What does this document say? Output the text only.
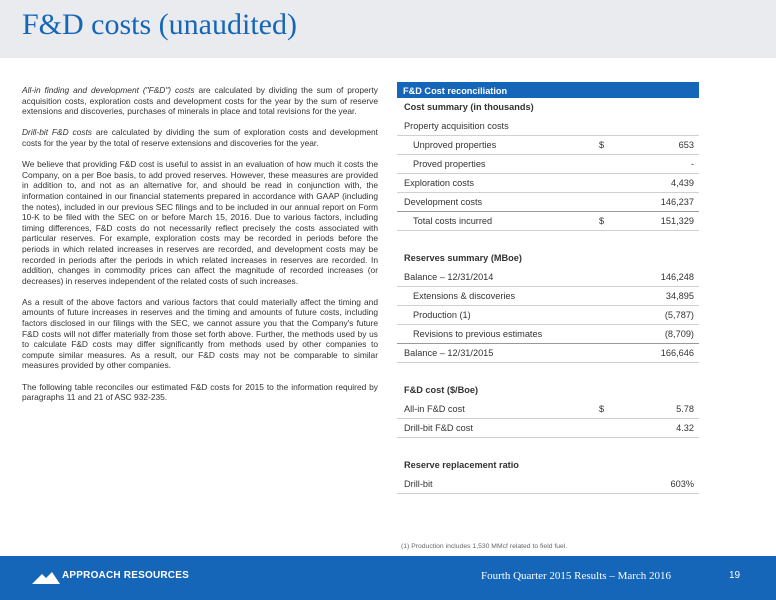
F&D costs (unaudited)

All-in finding and development ("F&D") costs are calculated by dividing the sum of property acquisition costs, exploration costs and development costs for the year by the sum of reserve extensions and discoveries, purchases of minerals in place and total revisions for the year.

Drill-bit F&D costs are calculated by dividing the sum of exploration costs and development costs for the year by the total of reserve extensions and discoveries for the year.

We believe that providing F&D cost is useful to assist in an evaluation of how much it costs the Company, on a per Boe basis, to add proved reserves. However, these measures are provided in addition to, and not as an alternative for, and should be read in conjunction with, the information contained in our financial statements prepared in accordance with GAAP (including the notes), included in our previous SEC filings and to be included in our annual report on Form 10-K to be filed with the SEC on or before March 15, 2016. Due to various factors, including timing differences, F&D costs do not necessarily reflect precisely the costs associated with particular reserves. For example, exploration costs may be recorded in periods before the periods in which related increases in reserves are recorded, and development costs may be recorded in periods after the periods in which related increases in reserves are recorded. In addition, changes in commodity prices can affect the magnitude of recorded increases (or decreases) in reserves independent of the related costs of such increases.

As a result of the above factors and various factors that could materially affect the timing and amounts of future increases in reserves and the timing and amounts of future costs, including factors disclosed in our filings with the SEC, we cannot assure you that the Company's future F&D costs will not differ materially from those set forth above. Further, the methods used by us to calculate F&D costs may differ significantly from methods used by other companies to compute similar measures. As a result, our F&D costs may not be comparable to similar measures provided by other companies.

The following table reconciles our estimated F&D costs for 2015 to the information required by paragraphs 11 and 21 of ASC 932-235.

F&D Cost reconciliation
Cost summary (in thousands)
Property acquisition costs
Unproved properties	$	653
Proved properties	-
Exploration costs	4,439
Development costs	146,237
Total costs incurred	$	151,329
Reserves summary (MBoe)
Balance – 12/31/2014	146,248
Extensions & discoveries	34,895
Production (1)	(5,787)
Revisions to previous estimates	(8,709)
Balance – 12/31/2015	166,646
F&D cost ($/Boe)
All-in F&D cost	$	5.78
Drill-bit F&D cost	4.32
Reserve replacement ratio
Drill-bit	603%
(1) Production includes 1,530 MMcf related to field fuel.
APPROACH RESOURCES	Fourth Quarter 2015 Results – March 2016	19
